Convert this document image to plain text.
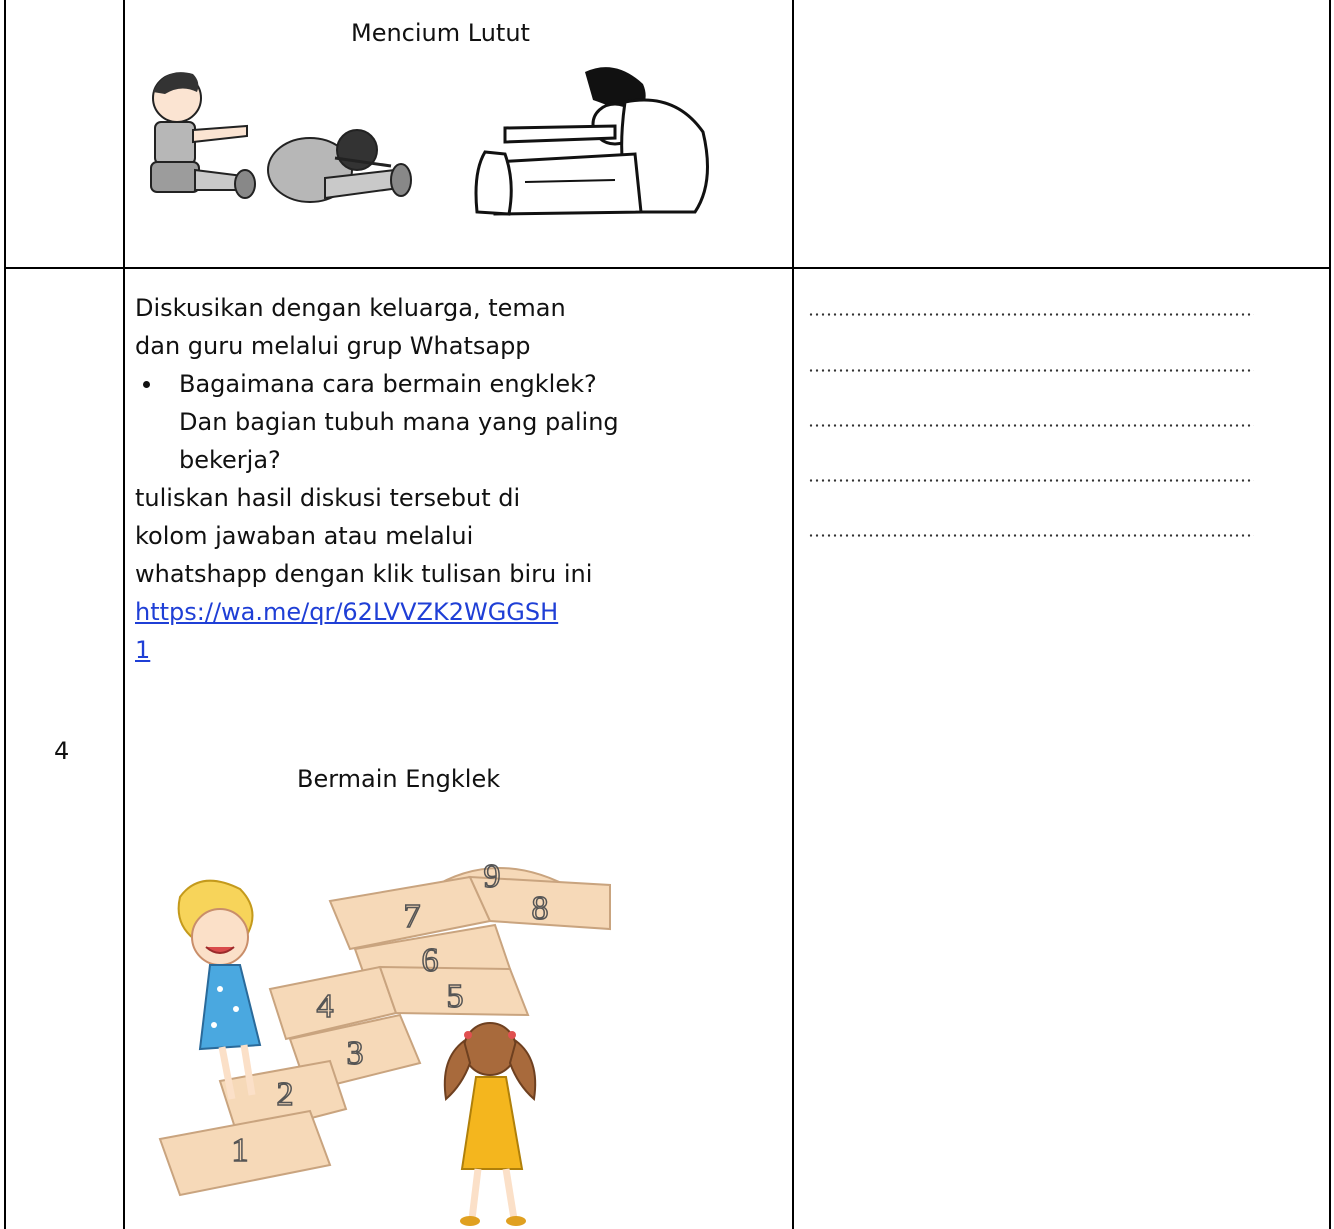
Mencium Lutut
4
Diskusikan dengan keluarga, teman
dan guru melalui grup Whatsapp
Bagaimana cara bermain engklek?
Dan bagian tubuh mana yang paling
bekerja?
tuliskan hasil diskusi tersebut di
kolom jawaban atau melalui
whatshapp dengan klik tulisan biru ini
https://wa.me/qr/62LVVZK2WGGSH
1
Bermain Engklek
1
2
3
4	5
6
7	8
9
